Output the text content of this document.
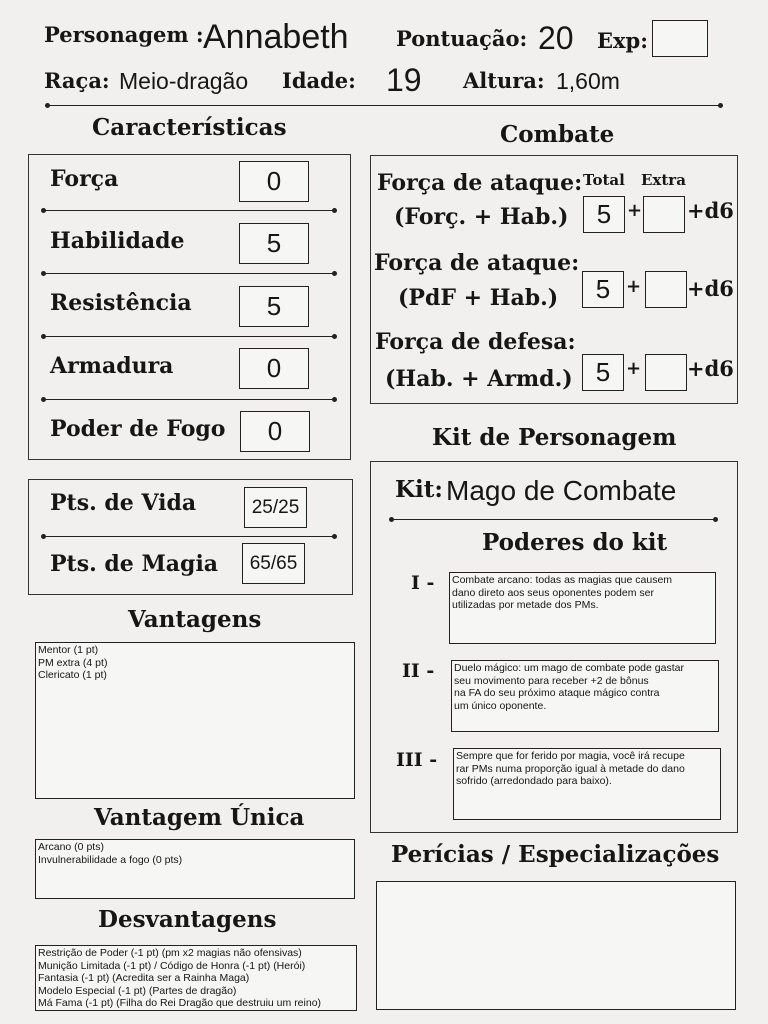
Personagem : Annabeth Pontuação: 20 Exp:
Raça: Meio-dragão Idade: 19 Altura: 1,60m
Características
Força	0
Habilidade	5
Resistência	5
Armadura	0
Poder de Fogo	0
Pts. de Vida	25/25
Pts. de Magia	65/65
Vantagens
Mentor (1 pt)
PM extra (4 pt)
Clericato (1 pt)
Vantagem Única
Arcano (0 pts)
Invulnerabilidade a fogo (0 pts)
Desvantagens
Restrição de Poder (-1 pt) (pm x2 magias não ofensivas)
Munição Limitada (-1 pt) / Código de Honra (-1 pt) (Herói)
Fantasia (-1 pt) (Acredita ser a Rainha Maga)
Modelo Especial (-1 pt) (Partes de dragão)
Má Fama (-1 pt) (Filha do Rei Dragão que destruiu um reino)
Combate
Total Extra
Força de ataque:
(Forç. + Hab.)	5 + +d6
Força de ataque:
(PdF + Hab.)	5 + +d6
Força de defesa:
(Hab. + Armd.) 5 + +d6
Kit de Personagem
Kit: Mago de Combate
Poderes do kit
I - Combate arcano: todas as magias que causem
dano direto aos seus oponentes podem ser
utilizadas por metade dos PMs.
II - Duelo mágico: um mago de combate pode gastar
seu movimento para receber +2 de bônus
na FA do seu próximo ataque mágico contra
um único oponente.
III - Sempre que for ferido por magia, você irá recupe
rar PMs numa proporção igual à metade do dano
sofrido (arredondado para baixo).
Perícias / Especializações
